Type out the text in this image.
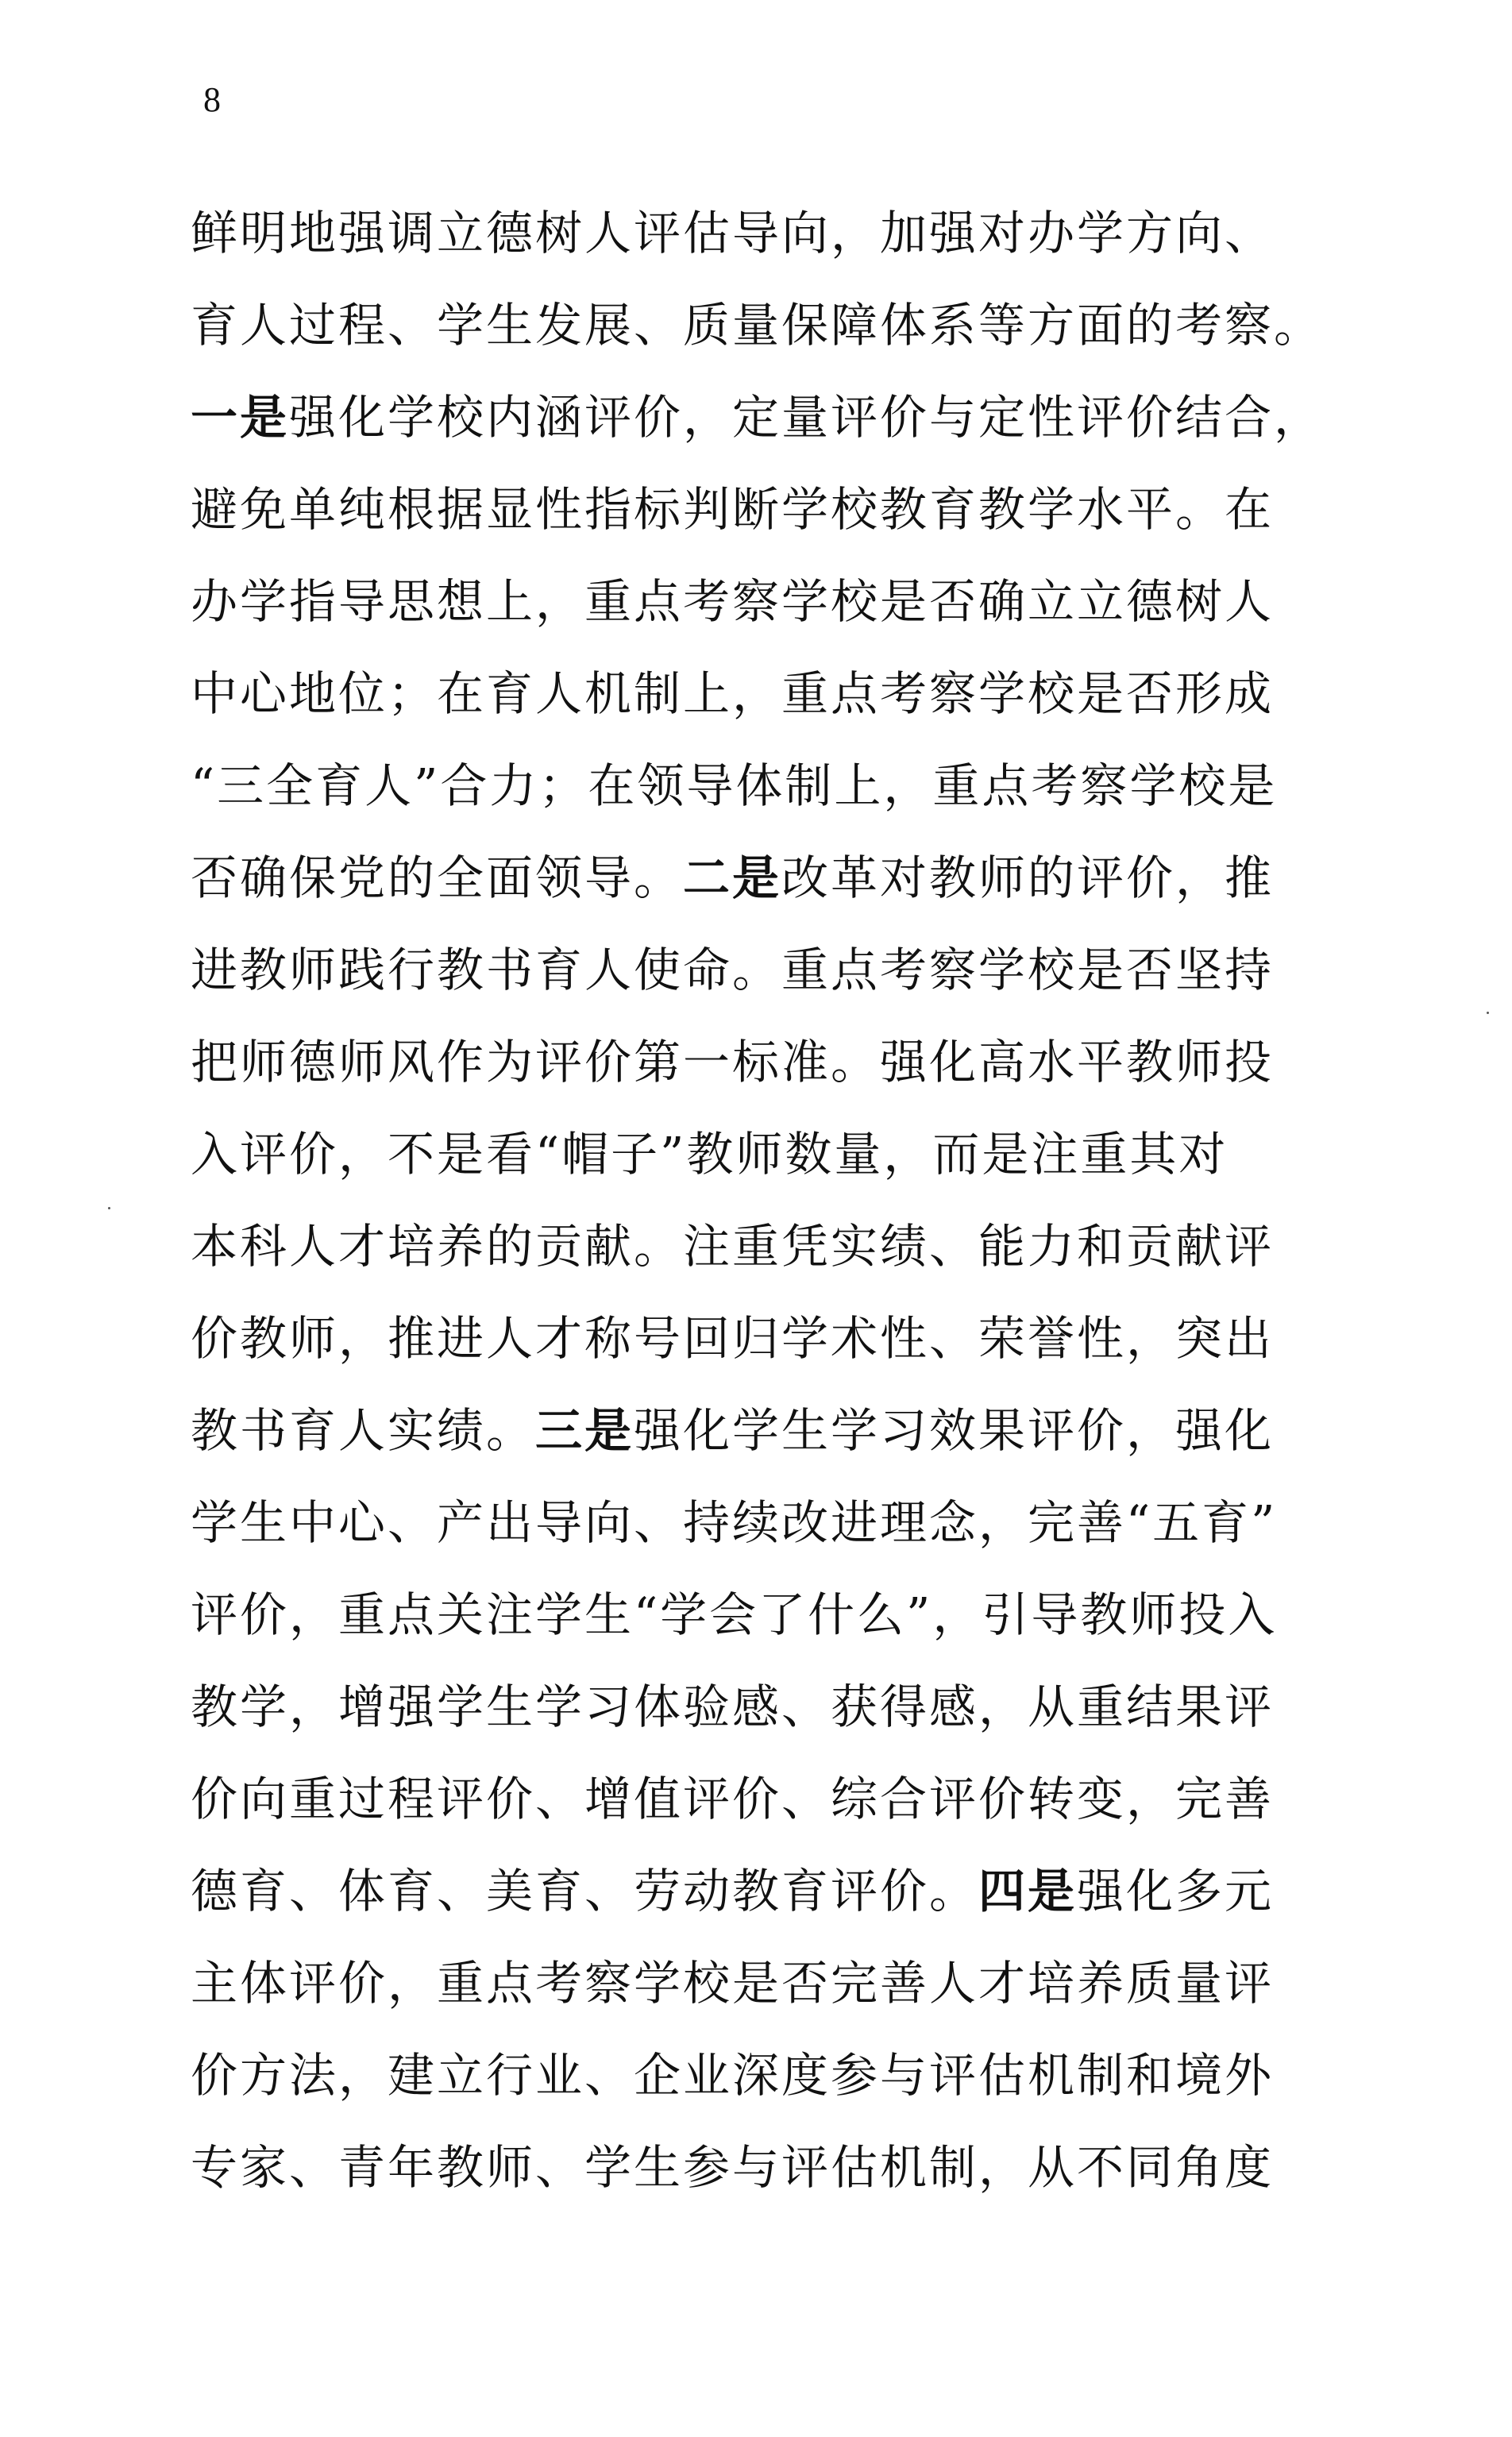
8
鲜明地强调立德树人评估导向，加强对办学方向、
育人过程、学生发展、质量保障体系等方面的考察。
一是强化学校内涵评价，定量评价与定性评价结合，
避免单纯根据显性指标判断学校教育教学水平。在
办学指导思想上，重点考察学校是否确立立德树人
中心地位；在育人机制上，重点考察学校是否形成
“三全育人”合力；在领导体制上，重点考察学校是
否确保党的全面领导。二是改革对教师的评价，推
进教师践行教书育人使命。重点考察学校是否坚持
把师德师风作为评价第一标准。强化高水平教师投
入评价，不是看“帽子”教师数量，而是注重其对
本科人才培养的贡献。注重凭实绩、能力和贡献评
价教师，推进人才称号回归学术性、荣誉性，突出
教书育人实绩。三是强化学生学习效果评价，强化
学生中心、产出导向、持续改进理念，完善“五育”
评价，重点关注学生“学会了什么”，引导教师投入
教学，增强学生学习体验感、获得感，从重结果评
价向重过程评价、增值评价、综合评价转变，完善
德育、体育、美育、劳动教育评价。四是强化多元
主体评价，重点考察学校是否完善人才培养质量评
价方法，建立行业、企业深度参与评估机制和境外
专家、青年教师、学生参与评估机制，从不同角度
